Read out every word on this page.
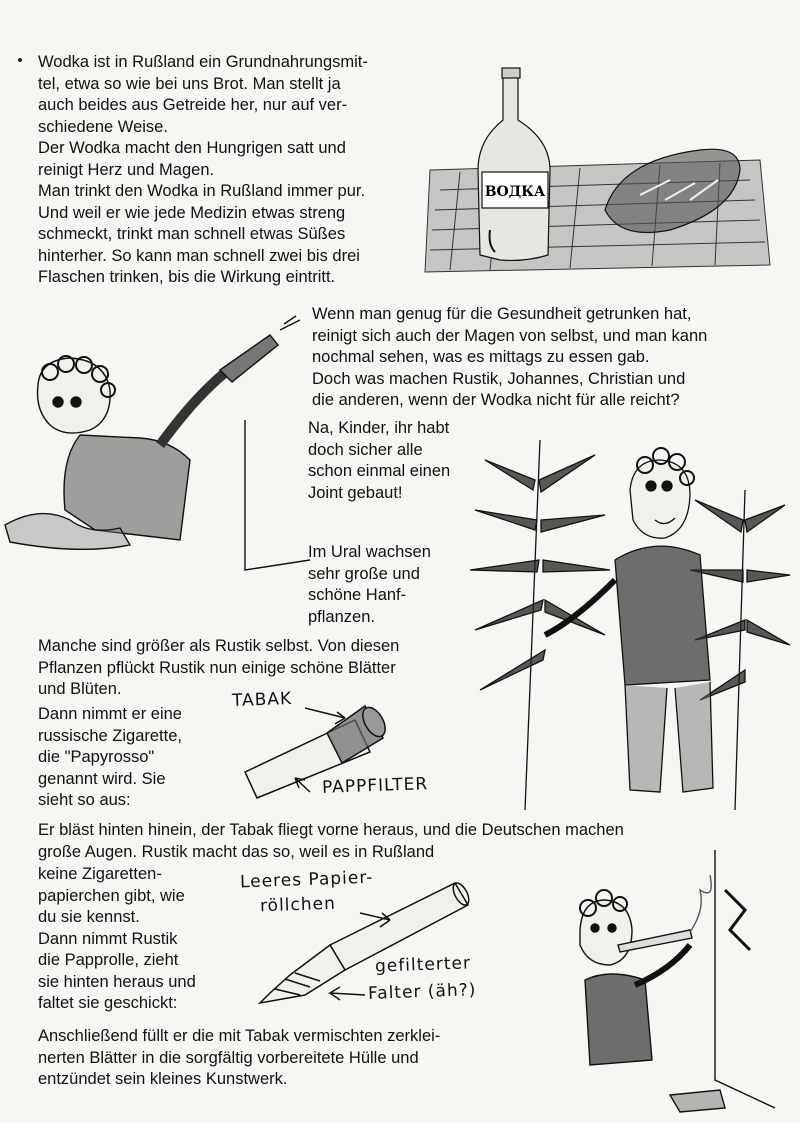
Wodka ist in Rußland ein Grundnahrungsmit-
tel, etwa so wie bei uns Brot. Man stellt ja
auch beides aus Getreide her, nur auf ver-
schiedene Weise.
Der Wodka macht den Hungrigen satt und
reinigt Herz und Magen.
Man trinkt den Wodka in Rußland immer pur.
Und weil er wie jede Medizin etwas streng
schmeckt, trinkt man schnell etwas Süßes
hinterher. So kann man schnell zwei bis drei
Flaschen trinken, bis die Wirkung eintritt.
Wenn man genug für die Gesundheit getrunken hat,
reinigt sich auch der Magen von selbst, und man kann
nochmal sehen, was es mittags zu essen gab.
Doch was machen Rustik, Johannes, Christian und
die anderen, wenn der Wodka nicht für alle reicht?
Na, Kinder, ihr habt
doch sicher alle
schon einmal einen
Joint gebaut!
Im Ural wachsen
sehr große und
schöne Hanf-
pflanzen.
Manche sind größer als Rustik selbst. Von diesen
Pflanzen pflückt Rustik nun einige schöne Blätter
und Blüten.
Dann nimmt er eine
russische Zigarette,
die "Papyrosso"
genannt wird. Sie
sieht so aus:
Er bläst hinten hinein, der Tabak fliegt vorne heraus, und die Deutschen machen
große Augen. Rustik macht das so, weil es in Rußland
keine Zigaretten-
papierchen gibt, wie
du sie kennst.
Dann nimmt Rustik
die Papprolle, zieht
sie hinten heraus und
faltet sie geschickt:
Anschließend füllt er die mit Tabak vermischten zerklei-
nerten Blätter in die sorgfältig vorbereitete Hülle und
entzündet sein kleines Kunstwerk.
ВОДКА
TABAK
PAPPFILTER
Leeres Papier-
röllchen
gefilterter
Falter (äh?)
